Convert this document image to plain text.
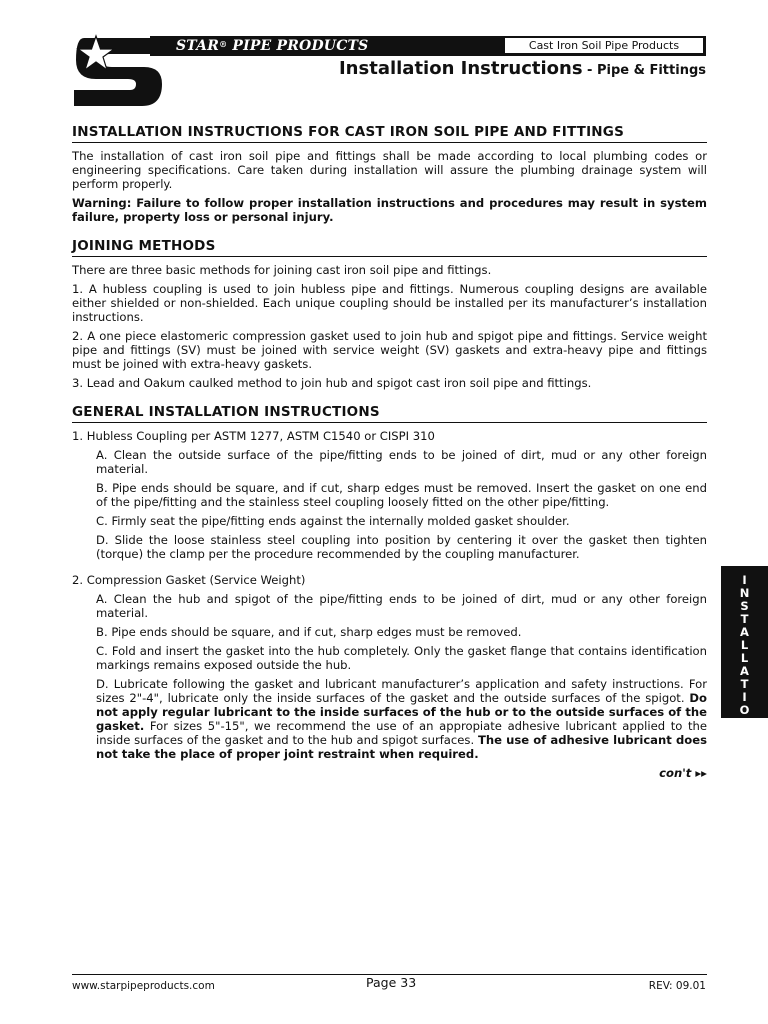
STAR® PIPE PRODUCTS	Cast Iron Soil Pipe Products
Installation Instructions - Pipe & Fittings
INSTALLATION INSTRUCTIONS FOR CAST IRON SOIL PIPE AND FITTINGS

The installation of cast iron soil pipe and fittings shall be made according to local plumbing codes or engineering specifications. Care taken during installation will assure the plumbing drainage system will perform properly.

Warning: Failure to follow proper installation instructions and procedures may result in system failure, property loss or personal injury.

JOINING METHODS

There are three basic methods for joining cast iron soil pipe and fittings.

1. A hubless coupling is used to join hubless pipe and fittings. Numerous coupling designs are available either shielded or non-shielded. Each unique coupling should be installed per its manufacturer’s installation instructions.

2. A one piece elastomeric compression gasket used to join hub and spigot pipe and fittings. Service weight pipe and fittings (SV) must be joined with service weight (SV) gaskets and extra-heavy pipe and fittings must be joined with extra-heavy gaskets.

3. Lead and Oakum caulked method to join hub and spigot cast iron soil pipe and fittings.

GENERAL INSTALLATION INSTRUCTIONS

1. Hubless Coupling per ASTM 1277, ASTM C1540 or CISPI 310

A. Clean the outside surface of the pipe/fitting ends to be joined of dirt, mud or any other foreign material.

B. Pipe ends should be square, and if cut, sharp edges must be removed. Insert the gasket on one end of the pipe/fitting and the stainless steel coupling loosely fitted on the other pipe/fitting.

C. Firmly seat the pipe/fitting ends against the internally molded gasket shoulder.

D. Slide the loose stainless steel coupling into position by centering it over the gasket then tighten (torque) the clamp per the procedure recommended by the coupling manufacturer.

2. Compression Gasket (Service Weight)

A. Clean the hub and spigot of the pipe/fitting ends to be joined of dirt, mud or any other foreign material.

B. Pipe ends should be square, and if cut, sharp edges must be removed.

C. Fold and insert the gasket into the hub completely. Only the gasket flange that contains identification markings remains exposed outside the hub.

D. Lubricate following the gasket and lubricant manufacturer’s application and safety instructions. For sizes 2"-4", lubricate only the inside surfaces of the gasket and the outside surfaces of the spigot. Do not apply regular lubricant to the inside surfaces of the hub or to the outside surfaces of the gasket. For sizes 5"-15", we recommend the use of an appropiate adhesive lubricant applied to the inside surfaces of the gasket and to the hub and spigot surfaces. The use of adhesive lubricant does not take the place of proper joint restraint when required.

con't ▸▸

I
N
S
T
A
L
L
A
T
I
O
N
www.starpipeproducts.com	Page 33	REV: 09.01
